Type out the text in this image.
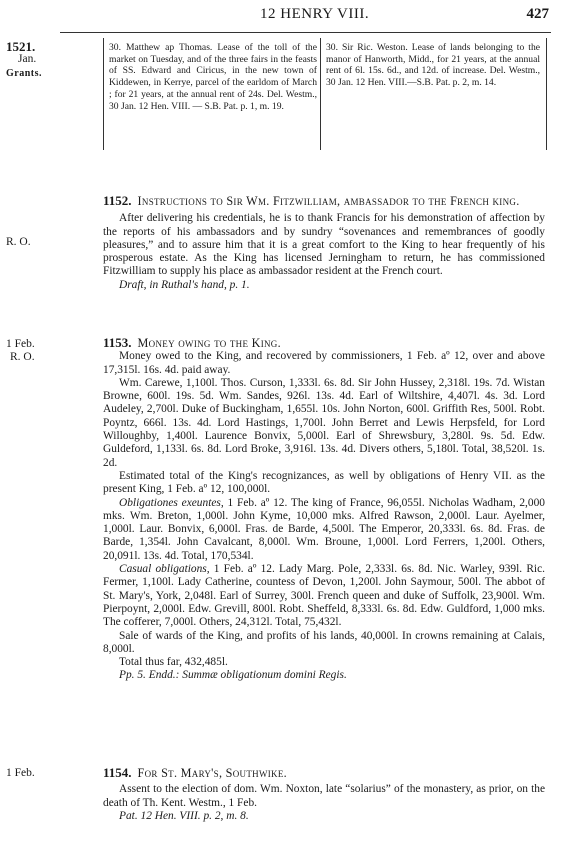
12 HENRY VIII.	427
1521.
Jan.
Grants.
R. O.
1 Feb.
R. O.
1 Feb.
30. Matthew ap Thomas. Lease of the toll of the market on Tuesday, and of the three fairs in the feasts of SS. Edward and Ciricus, in the new town of Kiddewen, in Kerrye, parcel of the earldom of March ; for 21 years, at the annual rent of 24s. Del. Westm., 30 Jan. 12 Hen. VIII. — S.B. Pat. p. 1, m. 19.
30. Sir Ric. Weston. Lease of lands belonging to the manor of Hanworth, Midd., for 21 years, at the annual rent of 6l. 15s. 6d., and 12d. of increase. Del. Westm., 30 Jan. 12 Hen. VIII.—S.B. Pat. p. 2, m. 14.

1152. Instructions to Sir Wm. Fitzwilliam, ambassador to the French king.

After delivering his credentials, he is to thank Francis for his demonstration of affection by the reports of his ambassadors and by sundry “sovenances and remembrances of goodly pleasures,” and to assure him that it is a great comfort to the King to hear frequently of his prosperous estate. As the King has licensed Jerningham to return, he has commissioned Fitzwilliam to supply his place as ambassador resident at the French court.

Draft, in Ruthal's hand, p. 1.

1153. Money owing to the King.

Money owed to the King, and recovered by commissioners, 1 Feb. aº 12, over and above 17,315l. 16s. 4d. paid away.

Wm. Carewe, 1,100l. Thos. Curson, 1,333l. 6s. 8d. Sir John Hussey, 2,318l. 19s. 7d. Wistan Browne, 600l. 19s. 5d. Wm. Sandes, 926l. 13s. 4d. Earl of Wiltshire, 4,407l. 4s. 3d. Lord Audeley, 2,700l. Duke of Buckingham, 1,655l. 10s. John Norton, 600l. Griffith Res, 500l. Robt. Poyntz, 666l. 13s. 4d. Lord Hastings, 1,700l. John Berret and Lewis Herpsfeld, for Lord Willoughby, 1,400l. Laurence Bonvix, 5,000l. Earl of Shrewsbury, 3,280l. 9s. 5d. Edw. Guldeford, 1,133l. 6s. 8d. Lord Broke, 3,916l. 13s. 4d. Divers others, 5,180l. Total, 38,520l. 1s. 2d.

Estimated total of the King's recognizances, as well by obligations of Henry VII. as the present King, 1 Feb. aº 12, 100,000l.

Obligationes exeuntes, 1 Feb. aº 12. The king of France, 96,055l. Nicholas Wadham, 2,000 mks. Wm. Breton, 1,000l. John Kyme, 10,000 mks. Alfred Rawson, 2,000l. Laur. Ayelmer, 1,000l. Laur. Bonvix, 6,000l. Fras. de Barde, 4,500l. The Emperor, 20,333l. 6s. 8d. Fras. de Barde, 1,354l. John Cavalcant, 8,000l. Wm. Broune, 1,000l. Lord Ferrers, 1,200l. Others, 20,091l. 13s. 4d. Total, 170,534l.

Casual obligations, 1 Feb. aº 12. Lady Marg. Pole, 2,333l. 6s. 8d. Nic. Warley, 939l. Ric. Fermer, 1,100l. Lady Catherine, countess of Devon, 1,200l. John Saymour, 500l. The abbot of St. Mary's, York, 2,048l. Earl of Surrey, 300l. French queen and duke of Suffolk, 23,900l. Wm. Pierpoynt, 2,000l. Edw. Grevill, 800l. Robt. Sheffeld, 8,333l. 6s. 8d. Edw. Guldford, 1,000 mks. The cofferer, 7,000l. Others, 24,312l. Total, 75,432l.

Sale of wards of the King, and profits of his lands, 40,000l. In crowns remaining at Calais, 8,000l.

Total thus far, 432,485l.

Pp. 5. Endd.: Summæ obligationum domini Regis.

1154. For St. Mary's, Southwike.

Assent to the election of dom. Wm. Noxton, late “solarius” of the monastery, as prior, on the death of Th. Kent. Westm., 1 Feb.

Pat. 12 Hen. VIII. p. 2, m. 8.
